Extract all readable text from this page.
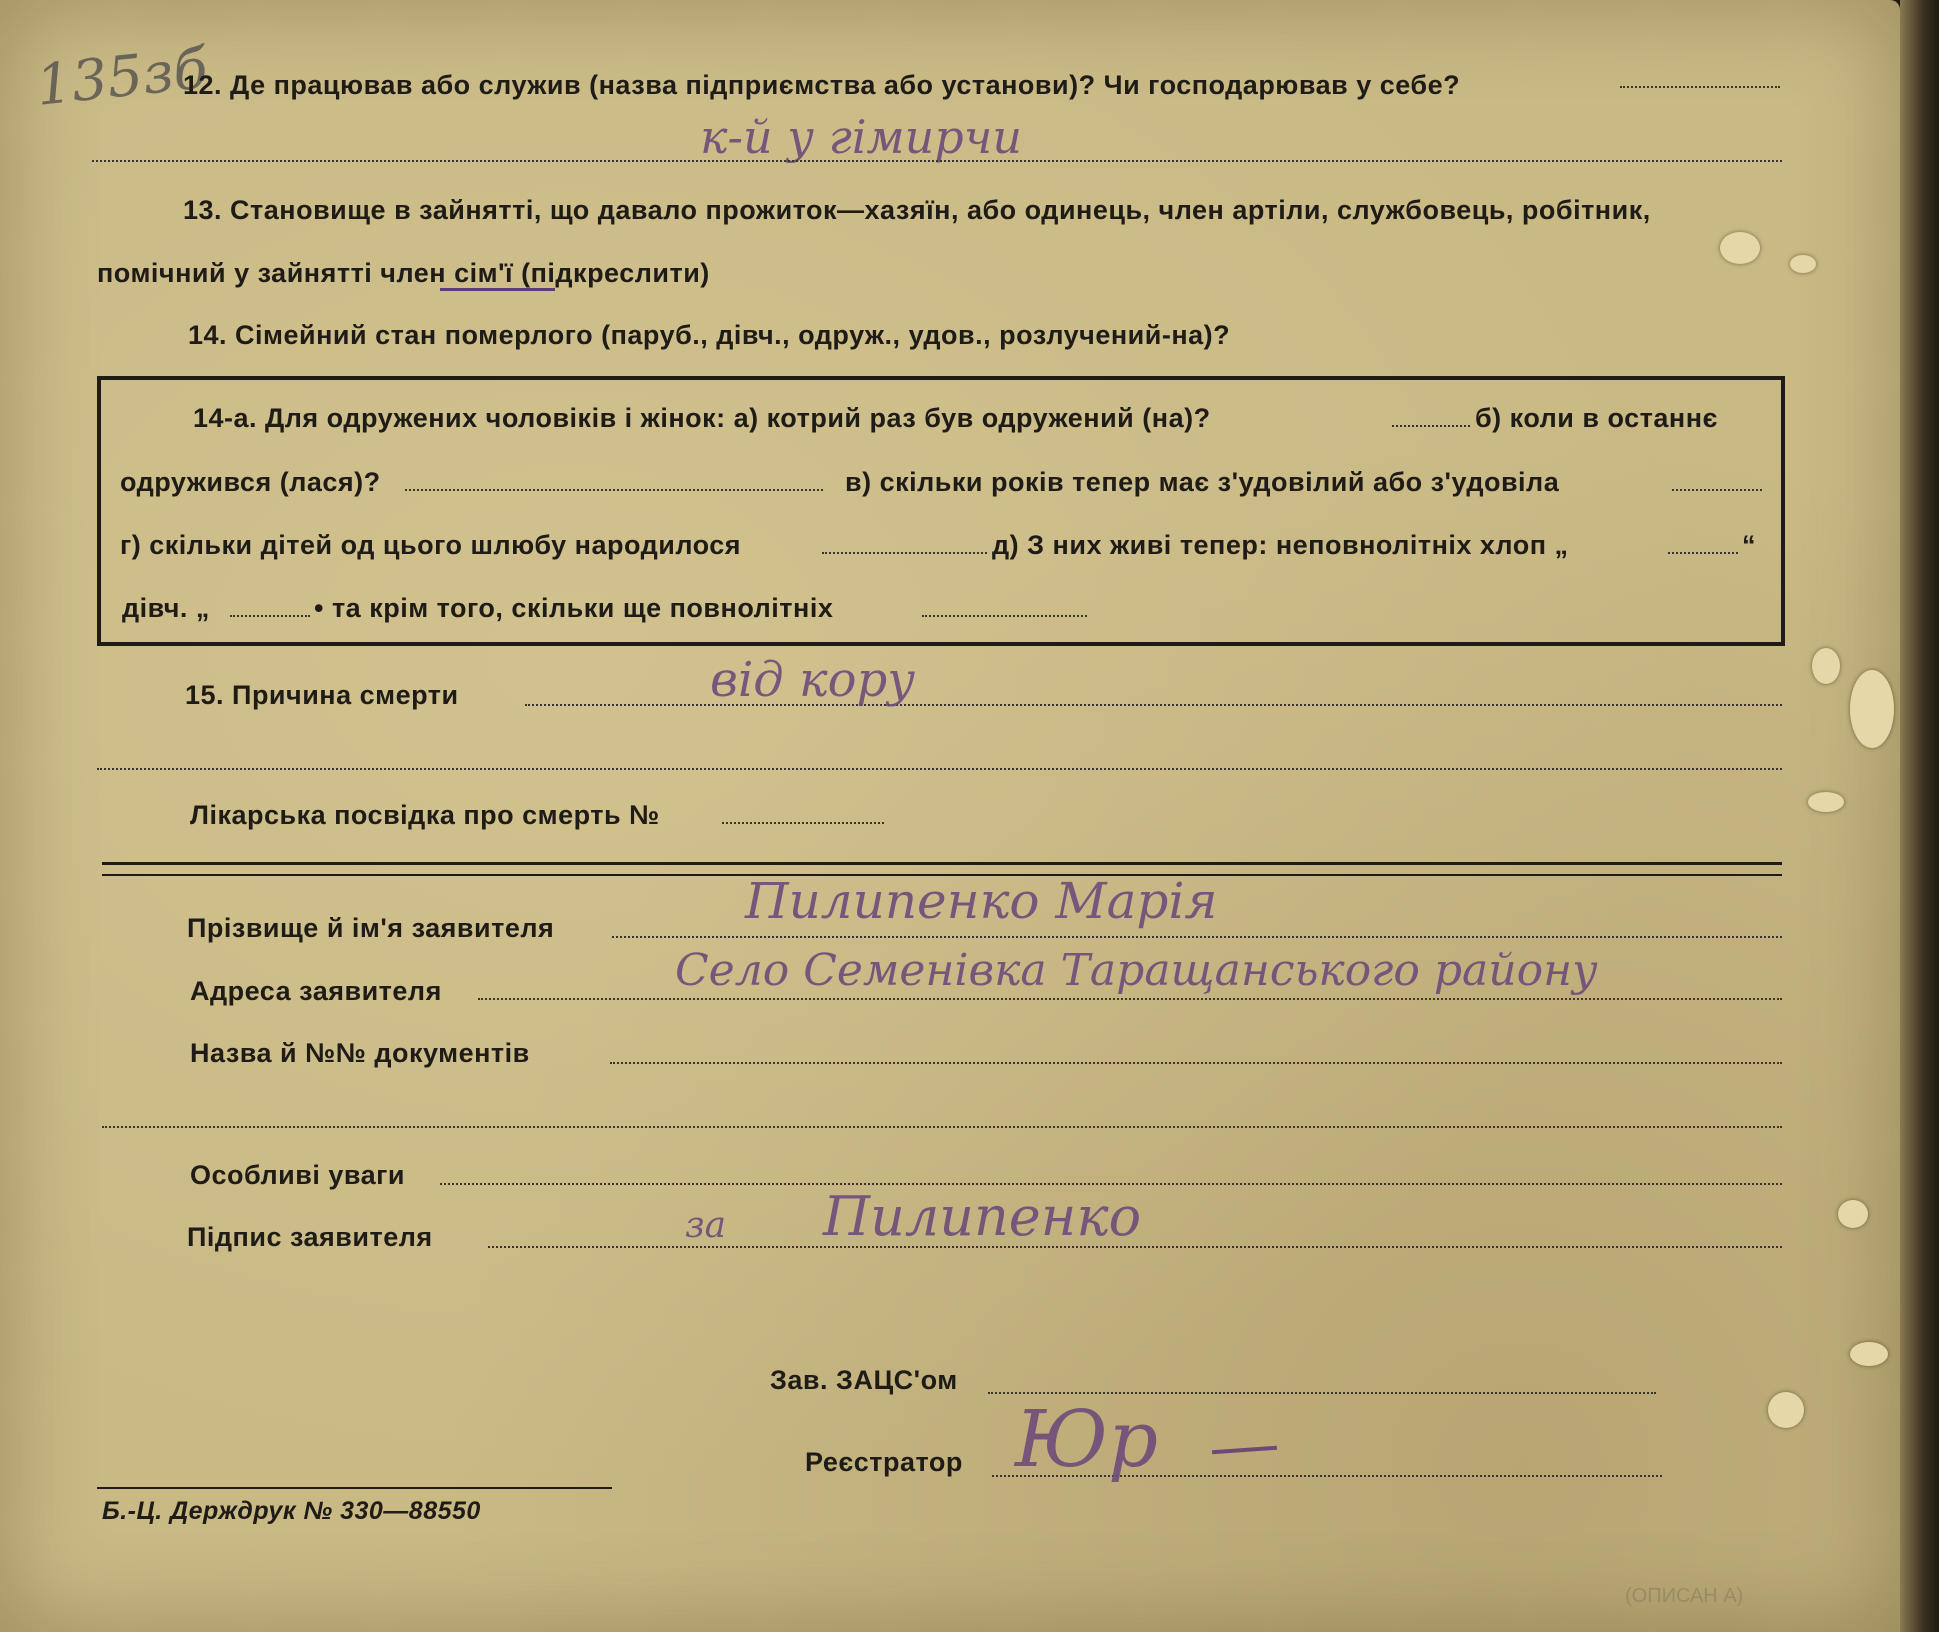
135зб
12. Де працював або служив (назва підприємства або установи)? Чи господарював у себе?
к-й у гімирчи
13. Становище в зайнятті, що давало прожиток—хазяїн, або одинець, член артіли, службовець, робітник,
помічний у зайнятті член сім'ї (підкреслити)
14. Сімейний стан померлого (паруб., дівч., одруж., удов., розлучений-на)?
14-а. Для одружених чоловіків і жінок: а) котрий раз був одружений (на)?	б) коли в останнє
одружився (лася)?	в) скільки років тепер має з'удовілий або з'удовіла
г) скільки дітей од цього шлюбу народилося	д) З них живі тепер: неповнолітніх хлоп „	“
дівч. „	• та крім того, скільки ще повнолітніх
15. Причина смерти	від кору
Лікарська посвідка про смерть №
Прізвище й ім'я заявителя	Пилипенко Марія
Адреса заявителя	Село Семенівка Таращанського району
Назва й №№ документів
Особливі уваги
Підпис заявителя	за Пилипенко
Зав. ЗАЦС'ом
Реєстратор Юр
Б.-Ц. Держдрук № 330—88550
(ОПИСАН А)
